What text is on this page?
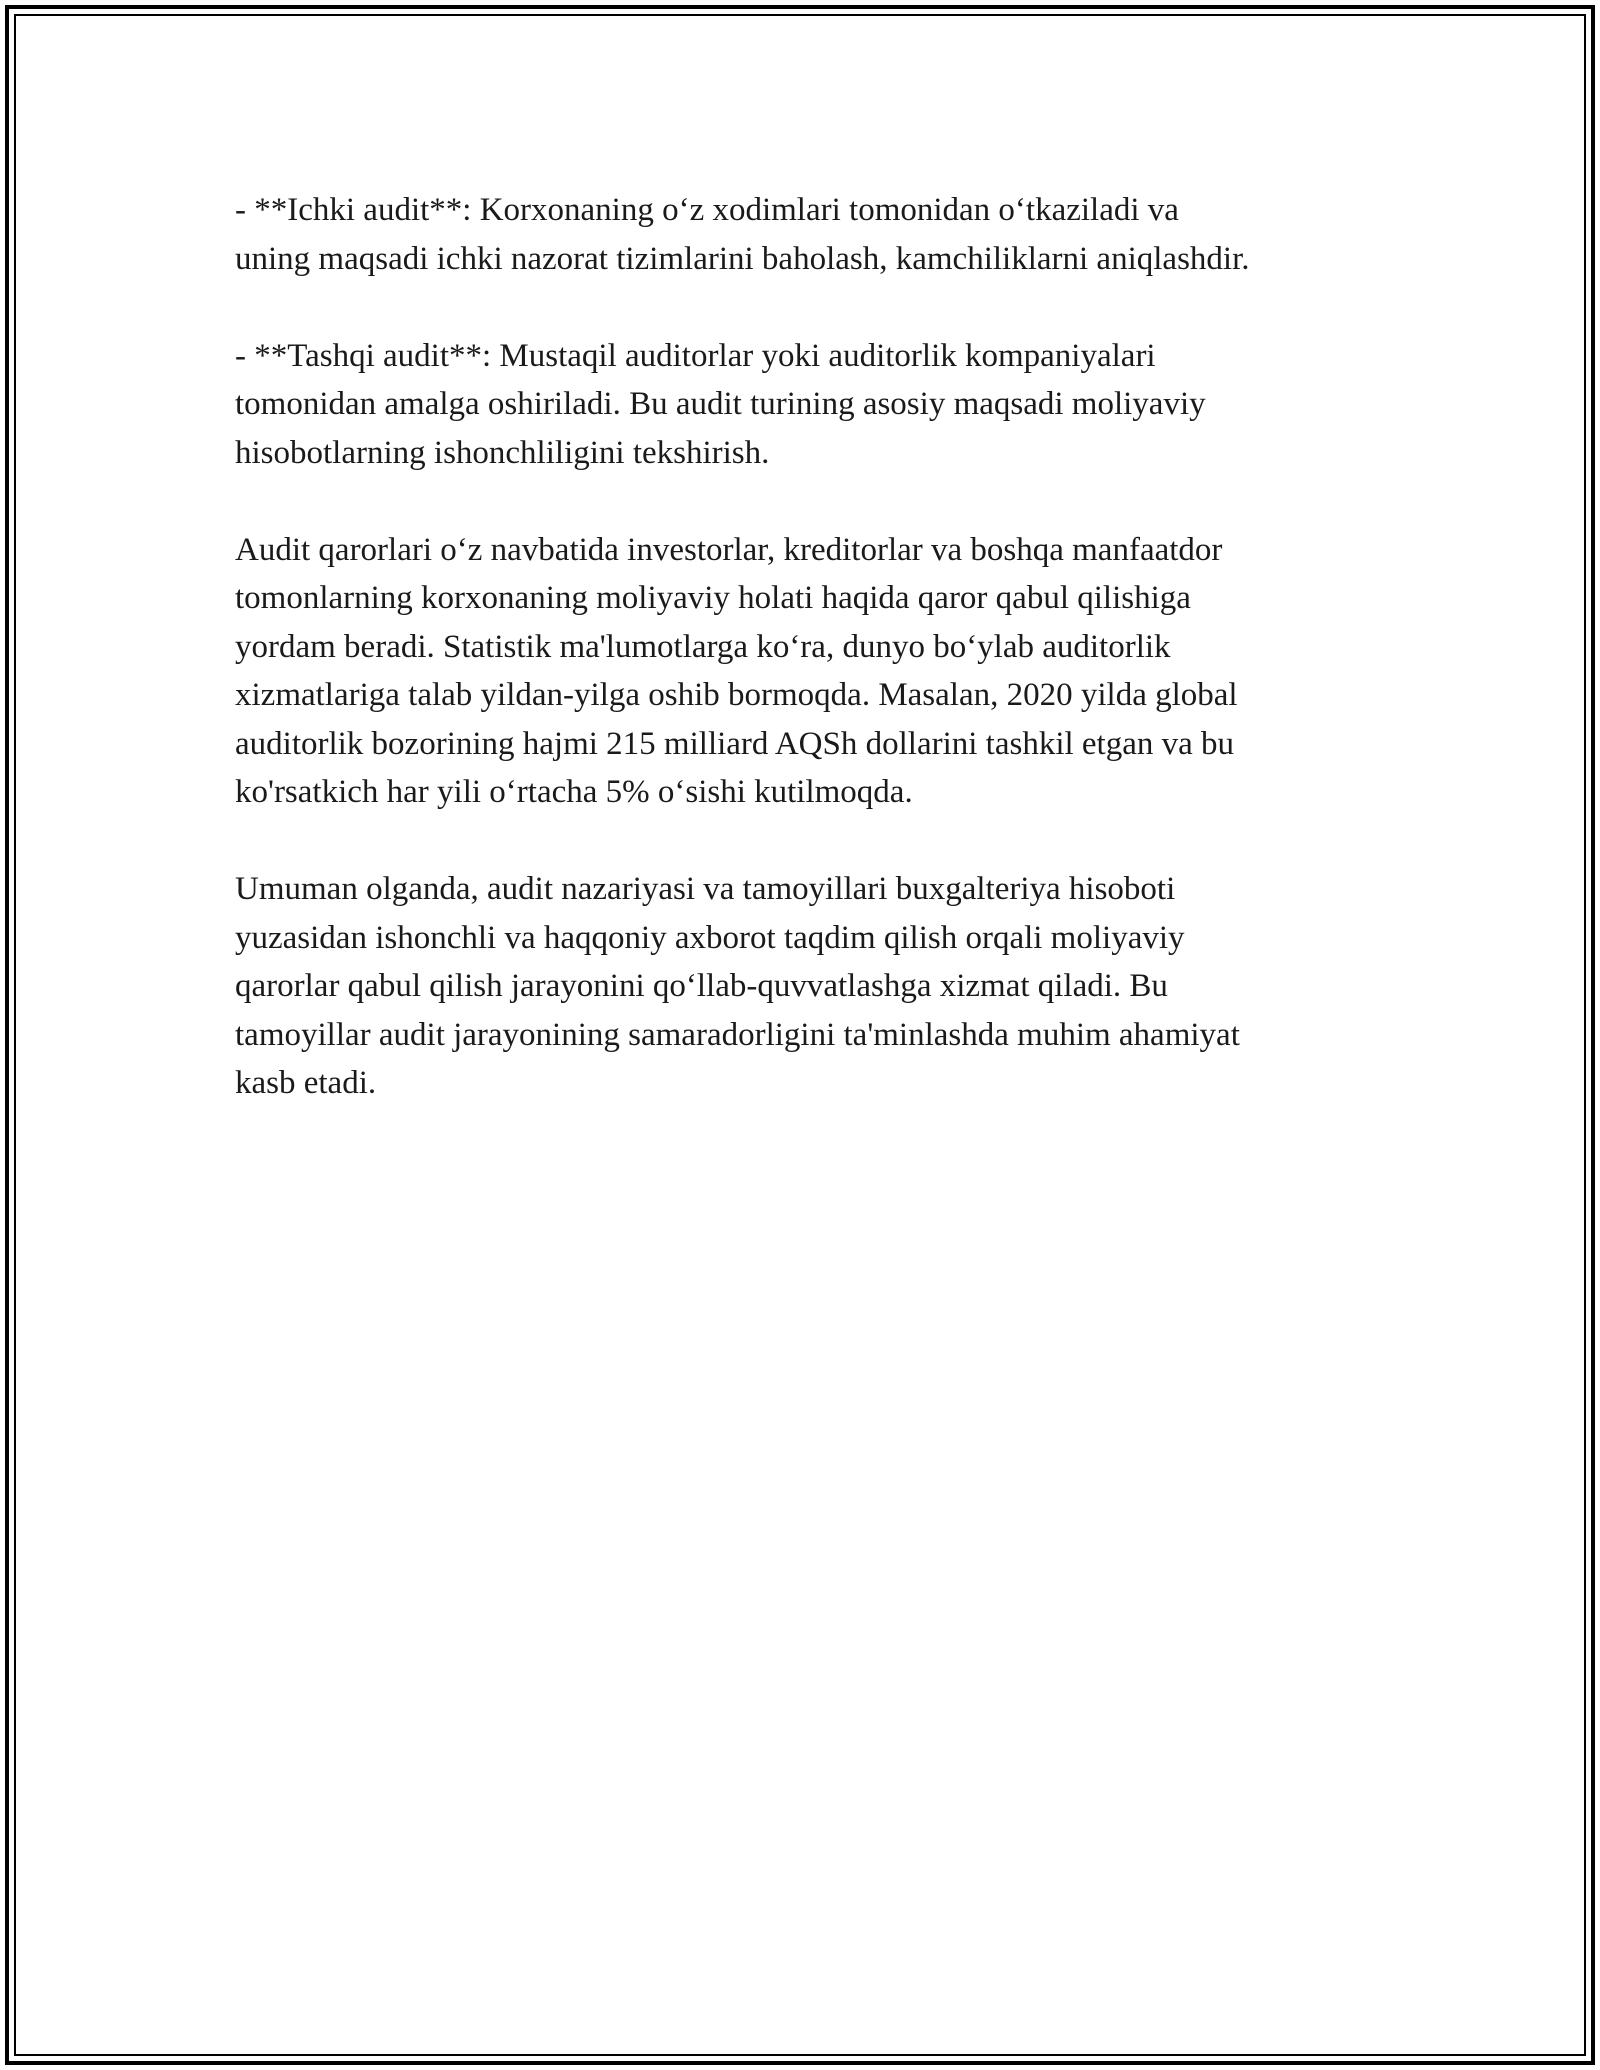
- **Ichki audit**: Korxonaning o‘z xodimlari tomonidan o‘tkaziladi va
uning maqsadi ichki nazorat tizimlarini baholash, kamchiliklarni aniqlashdir.

- **Tashqi audit**: Mustaqil auditorlar yoki auditorlik kompaniyalari
tomonidan amalga oshiriladi. Bu audit turining asosiy maqsadi moliyaviy
hisobotlarning ishonchliligini tekshirish.

Audit qarorlari o‘z navbatida investorlar, kreditorlar va boshqa manfaatdor
tomonlarning korxonaning moliyaviy holati haqida qaror qabul qilishiga
yordam beradi. Statistik ma'lumotlarga ko‘ra, dunyo bo‘ylab auditorlik
xizmatlariga talab yildan-yilga oshib bormoqda. Masalan, 2020 yilda global
auditorlik bozorining hajmi 215 milliard AQSh dollarini tashkil etgan va bu
ko'rsatkich har yili o‘rtacha 5% o‘sishi kutilmoqda.

Umuman olganda, audit nazariyasi va tamoyillari buxgalteriya hisoboti
yuzasidan ishonchli va haqqoniy axborot taqdim qilish orqali moliyaviy
qarorlar qabul qilish jarayonini qo‘llab-quvvatlashga xizmat qiladi. Bu
tamoyillar audit jarayonining samaradorligini ta'minlashda muhim ahamiyat
kasb etadi.
